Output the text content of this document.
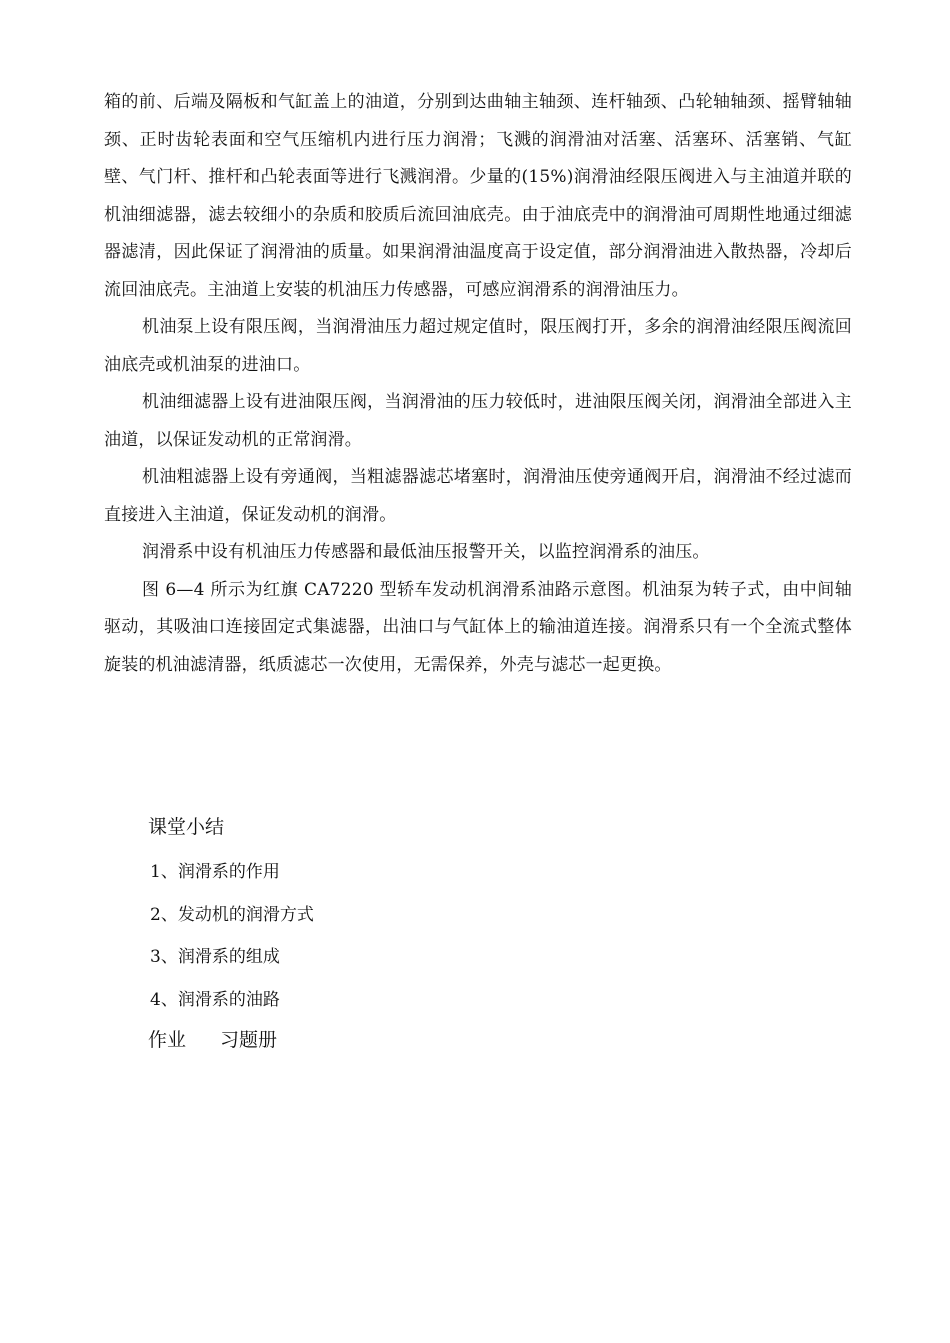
箱的前、后端及隔板和气缸盖上的油道，分别到达曲轴主轴颈、连杆轴颈、凸轮轴轴颈、摇臂轴轴颈、正时齿轮表面和空气压缩机内进行压力润滑；飞溅的润滑油对活塞、活塞环、活塞销、气缸壁、气门杆、推杆和凸轮表面等进行飞溅润滑。少量的(15%)润滑油经限压阀进入与主油道并联的机油细滤器，滤去较细小的杂质和胶质后流回油底壳。由于油底壳中的润滑油可周期性地通过细滤器滤清，因此保证了润滑油的质量。如果润滑油温度高于设定值，部分润滑油进入散热器，冷却后流回油底壳。主油道上安装的机油压力传感器，可感应润滑系的润滑油压力。

机油泵上设有限压阀，当润滑油压力超过规定值时，限压阀打开，多余的润滑油经限压阀流回油底壳或机油泵的进油口。

机油细滤器上设有进油限压阀，当润滑油的压力较低时，进油限压阀关闭，润滑油全部进入主油道，以保证发动机的正常润滑。

机油粗滤器上设有旁通阀，当粗滤器滤芯堵塞时，润滑油压使旁通阀开启，润滑油不经过滤而直接进入主油道，保证发动机的润滑。

润滑系中设有机油压力传感器和最低油压报警开关，以监控润滑系的油压。

图 6—4 所示为红旗 CA7220 型轿车发动机润滑系油路示意图。机油泵为转子式，由中间轴驱动，其吸油口连接固定式集滤器，出油口与气缸体上的输油道连接。润滑系只有一个全流式整体旋装的机油滤清器，纸质滤芯一次使用，无需保养，外壳与滤芯一起更换。

课堂小结
1、润滑系的作用
2、发动机的润滑方式
3、润滑系的组成
4、润滑系的油路
作业 习题册
